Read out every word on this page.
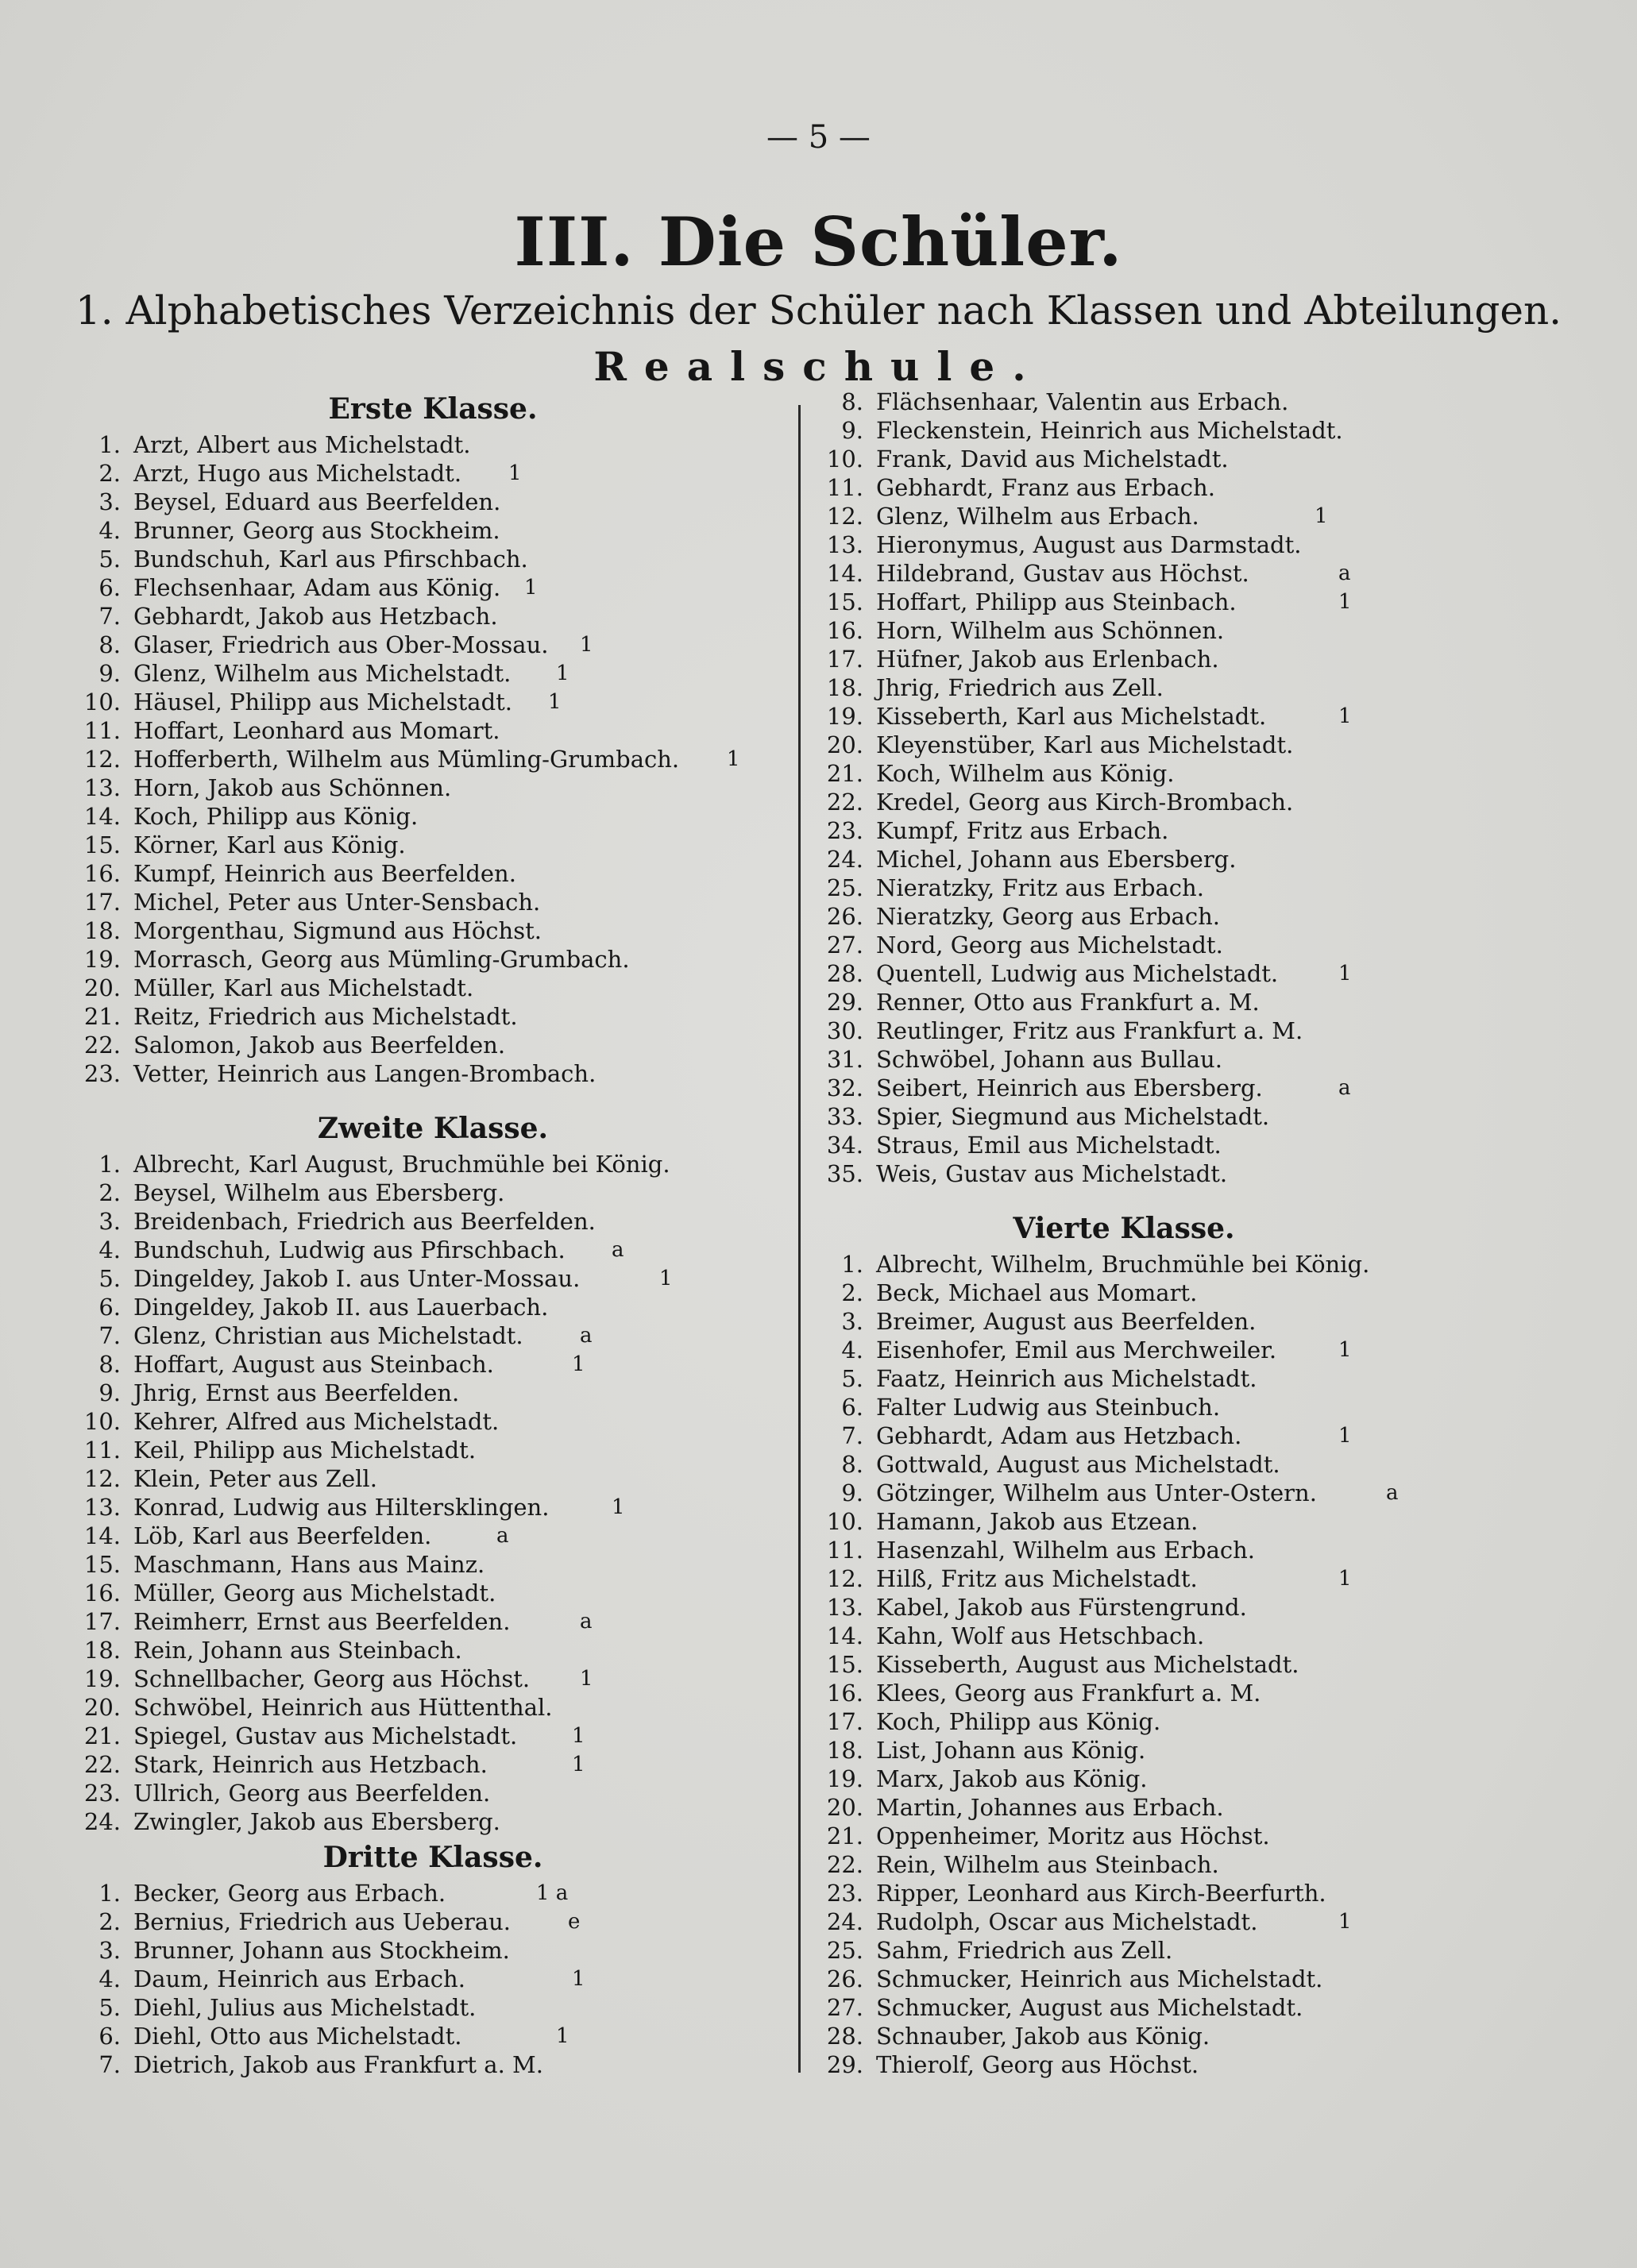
— 5 —
III. Die Schüler.
1. Alphabetisches Verzeichnis der Schüler nach Klassen und Abteilungen.
Realschule.
Erste Klasse.
1. Arzt, Albert aus Michelstadt.
2. Arzt, Hugo aus Michelstadt. 1
3. Beysel, Eduard aus Beerfelden.
4. Brunner, Georg aus Stockheim.
5. Bundschuh, Karl aus Pfirschbach.
6. Flechsenhaar, Adam aus König. 1
7. Gebhardt, Jakob aus Hetzbach.
8. Glaser, Friedrich aus Ober-Mossau. 1
9. Glenz, Wilhelm aus Michelstadt. 1
10. Häusel, Philipp aus Michelstadt. 1
11. Hoffart, Leonhard aus Momart.
12. Hofferberth, Wilhelm aus Mümling-Grumbach. 1
13. Horn, Jakob aus Schönnen.
14. Koch, Philipp aus König.
15. Körner, Karl aus König.
16. Kumpf, Heinrich aus Beerfelden.
17. Michel, Peter aus Unter-Sensbach.
18. Morgenthau, Sigmund aus Höchst.
19. Morrasch, Georg aus Mümling-Grumbach.
20. Müller, Karl aus Michelstadt.
21. Reitz, Friedrich aus Michelstadt.
22. Salomon, Jakob aus Beerfelden.
23. Vetter, Heinrich aus Langen-Brombach.
Zweite Klasse.
1. Albrecht, Karl August, Bruchmühle bei König.
2. Beysel, Wilhelm aus Ebersberg.
3. Breidenbach, Friedrich aus Beerfelden.
4. Bundschuh, Ludwig aus Pfirschbach. a
5. Dingeldey, Jakob I. aus Unter-Mossau.	1
6. Dingeldey, Jakob II. aus Lauerbach.
7. Glenz, Christian aus Michelstadt.	a
8. Hoffart, August aus Steinbach.	1
9. Jhrig, Ernst aus Beerfelden.
10. Kehrer, Alfred aus Michelstadt.
11. Keil, Philipp aus Michelstadt.
12. Klein, Peter aus Zell.
13. Konrad, Ludwig aus Hiltersklingen.	1
14. Löb, Karl aus Beerfelden.	a
15. Maschmann, Hans aus Mainz.
16. Müller, Georg aus Michelstadt.
17. Reimherr, Ernst aus Beerfelden.	a
18. Rein, Johann aus Steinbach.
19. Schnellbacher, Georg aus Höchst. 1
20. Schwöbel, Heinrich aus Hüttenthal.
21. Spiegel, Gustav aus Michelstadt.	1
22. Stark, Heinrich aus Hetzbach.	1
23. Ullrich, Georg aus Beerfelden.
24. Zwingler, Jakob aus Ebersberg.
Dritte Klasse.
1. Becker, Georg aus Erbach.	1 a
2. Bernius, Friedrich aus Ueberau.	e
3. Brunner, Johann aus Stockheim.
4. Daum, Heinrich aus Erbach.	1
5. Diehl, Julius aus Michelstadt.
6. Diehl, Otto aus Michelstadt.	1
7. Dietrich, Jakob aus Frankfurt a. M.
8. Flächsenhaar, Valentin aus Erbach.
9. Fleckenstein, Heinrich aus Michelstadt.
10. Frank, David aus Michelstadt.
11. Gebhardt, Franz aus Erbach.
12. Glenz, Wilhelm aus Erbach.	1
13. Hieronymus, August aus Darmstadt.
14. Hildebrand, Gustav aus Höchst.	a
15. Hoffart, Philipp aus Steinbach.	1
16. Horn, Wilhelm aus Schönnen.
17. Hüfner, Jakob aus Erlenbach.
18. Jhrig, Friedrich aus Zell.
19. Kisseberth, Karl aus Michelstadt.	1
20. Kleyenstüber, Karl aus Michelstadt.
21. Koch, Wilhelm aus König.
22. Kredel, Georg aus Kirch-Brombach.
23. Kumpf, Fritz aus Erbach.
24. Michel, Johann aus Ebersberg.
25. Nieratzky, Fritz aus Erbach.
26. Nieratzky, Georg aus Erbach.
27. Nord, Georg aus Michelstadt.
28. Quentell, Ludwig aus Michelstadt.	1
29. Renner, Otto aus Frankfurt a. M.
30. Reutlinger, Fritz aus Frankfurt a. M.
31. Schwöbel, Johann aus Bullau.
32. Seibert, Heinrich aus Ebersberg.	a
33. Spier, Siegmund aus Michelstadt.
34. Straus, Emil aus Michelstadt.
35. Weis, Gustav aus Michelstadt.
Vierte Klasse.
1. Albrecht, Wilhelm, Bruchmühle bei König.
2. Beck, Michael aus Momart.
3. Breimer, August aus Beerfelden.
4. Eisenhofer, Emil aus Merchweiler.	1
5. Faatz, Heinrich aus Michelstadt.
6. Falter Ludwig aus Steinbuch.
7. Gebhardt, Adam aus Hetzbach.	1
8. Gottwald, August aus Michelstadt.
9. Götzinger, Wilhelm aus Unter-Ostern.	a
10. Hamann, Jakob aus Etzean.
11. Hasenzahl, Wilhelm aus Erbach.
12. Hilß, Fritz aus Michelstadt.	1
13. Kabel, Jakob aus Fürstengrund.
14. Kahn, Wolf aus Hetschbach.
15. Kisseberth, August aus Michelstadt.
16. Klees, Georg aus Frankfurt a. M.
17. Koch, Philipp aus König.
18. List, Johann aus König.
19. Marx, Jakob aus König.
20. Martin, Johannes aus Erbach.
21. Oppenheimer, Moritz aus Höchst.
22. Rein, Wilhelm aus Steinbach.
23. Ripper, Leonhard aus Kirch-Beerfurth.
24. Rudolph, Oscar aus Michelstadt.	1
25. Sahm, Friedrich aus Zell.
26. Schmucker, Heinrich aus Michelstadt.
27. Schmucker, August aus Michelstadt.
28. Schnauber, Jakob aus König.
29. Thierolf, Georg aus Höchst.
